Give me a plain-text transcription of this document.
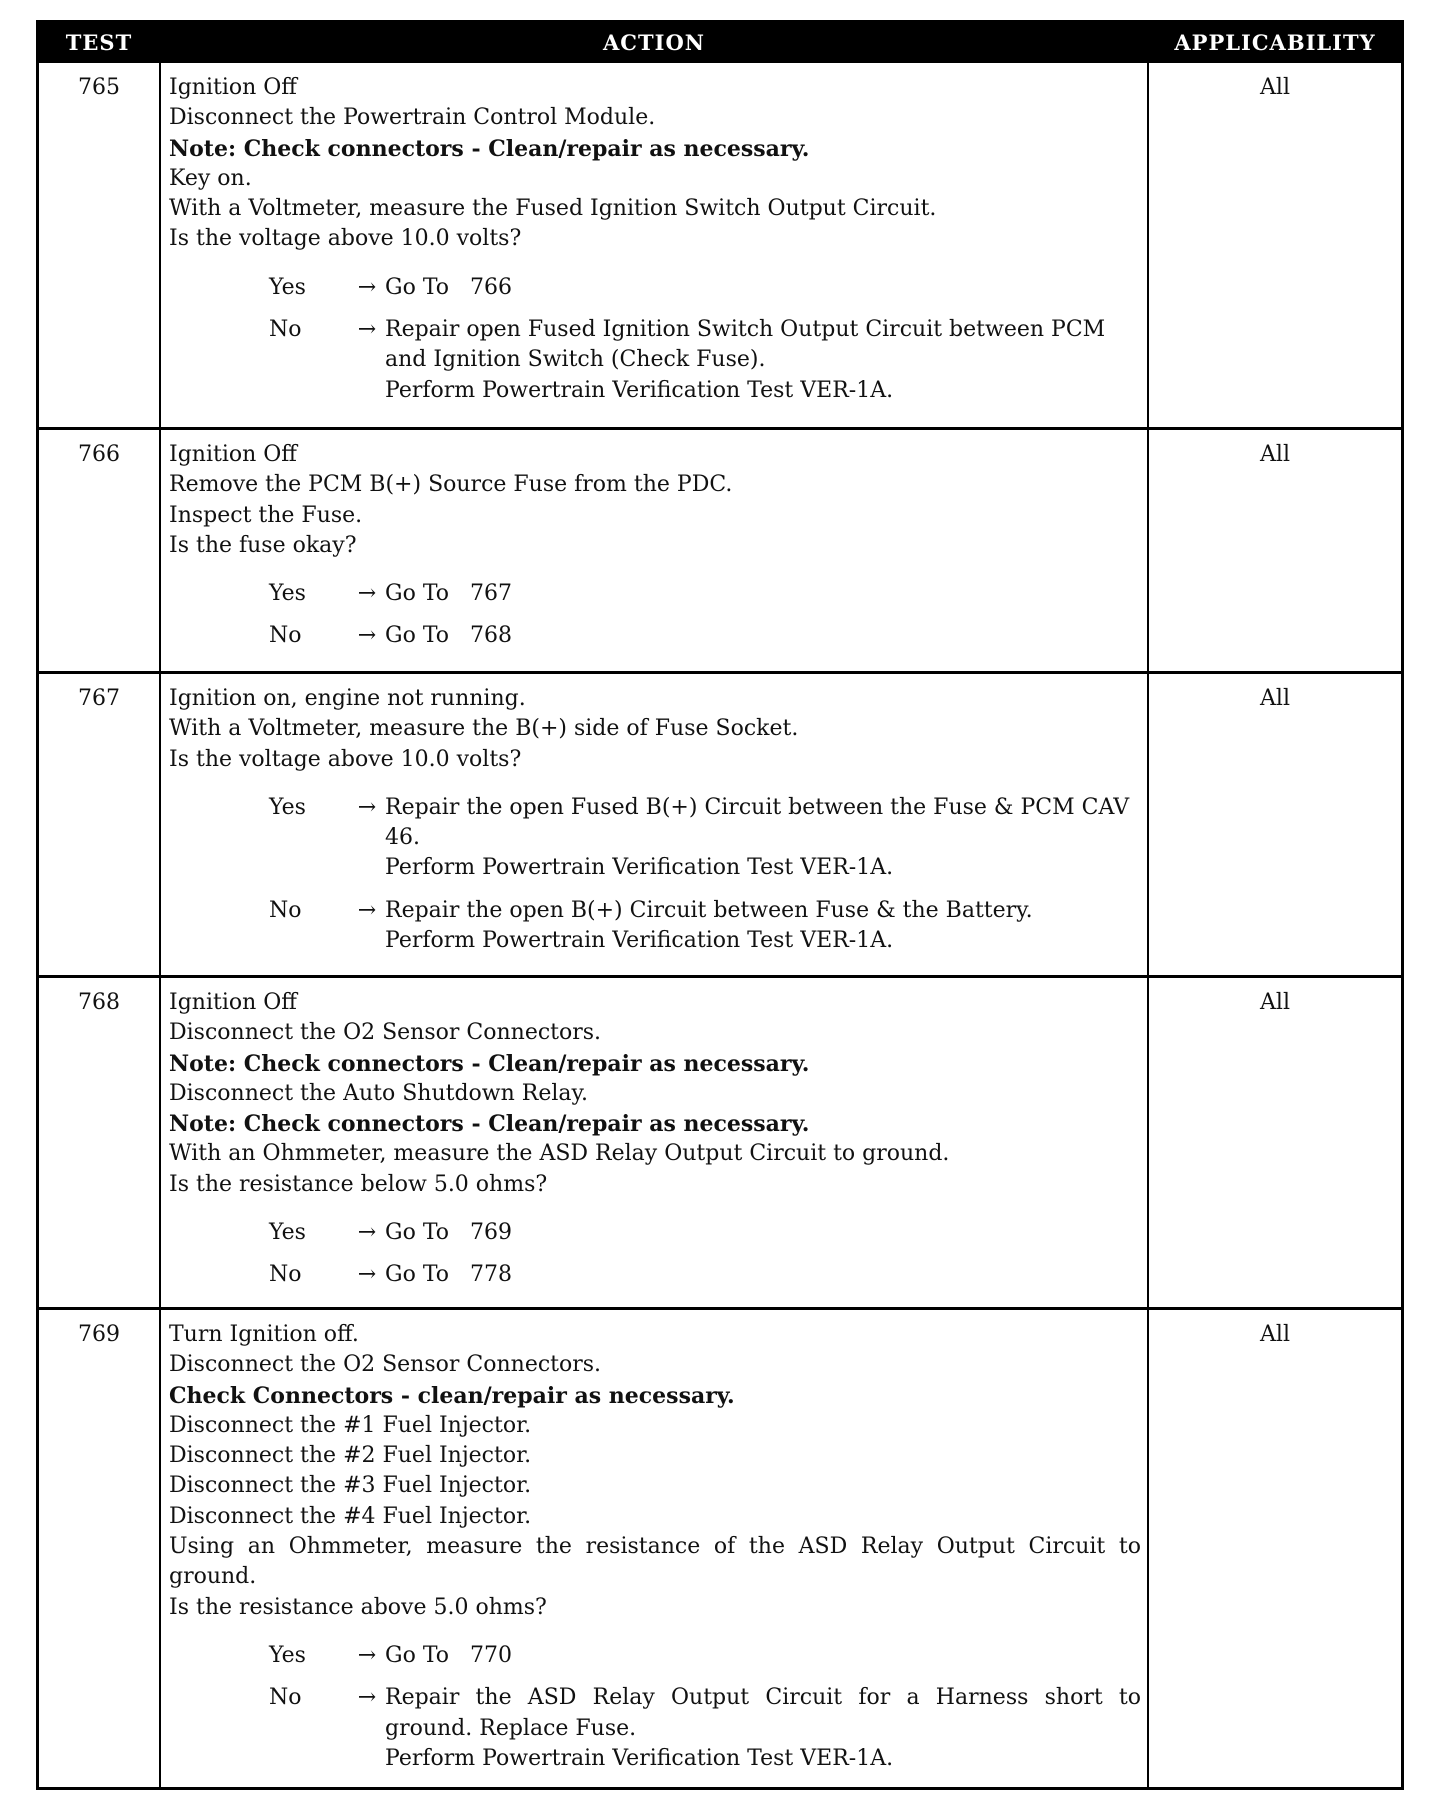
TEST	ACTION	APPLICABILITY
765	Ignition Off
Disconnect the Powertrain Control Module.
Note: Check connectors - Clean/repair as necessary.
Key on.
With a Voltmeter, measure the Fused Ignition Switch Output Circuit.
Is the voltage above 10.0 volts?
Yes	→ Go To   766
No	→ Repair open Fused Ignition Switch Output Circuit between PCM and Ignition Switch (Check Fuse).
Perform Powertrain Verification Test VER-1A.
All
766	Ignition Off
Remove the PCM B(+) Source Fuse from the PDC.
Inspect the Fuse.
Is the fuse okay?
Yes	→ Go To   767
No	→ Go To   768
All
767	Ignition on, engine not running.
With a Voltmeter, measure the B(+) side of Fuse Socket.
Is the voltage above 10.0 volts?
Yes	→ Repair the open Fused B(+) Circuit between the Fuse & PCM CAV 46.
Perform Powertrain Verification Test VER-1A.
No	→ Repair the open B(+) Circuit between Fuse & the Battery.
Perform Powertrain Verification Test VER-1A.
All
768	Ignition Off
Disconnect the O2 Sensor Connectors.
Note: Check connectors - Clean/repair as necessary.
Disconnect the Auto Shutdown Relay.
Note: Check connectors - Clean/repair as necessary.
With an Ohmmeter, measure the ASD Relay Output Circuit to ground.
Is the resistance below 5.0 ohms?
Yes	→ Go To   769
No	→ Go To   778
All
769	Turn Ignition off.
Disconnect the O2 Sensor Connectors.
Check Connectors - clean/repair as necessary.
Disconnect the #1 Fuel Injector.
Disconnect the #2 Fuel Injector.
Disconnect the #3 Fuel Injector.
Disconnect the #4 Fuel Injector.
Using an Ohmmeter, measure the resistance of the ASD Relay Output Circuit to ground.
Is the resistance above 5.0 ohms?
Yes	→ Go To   770
No	→ Repair the ASD Relay Output Circuit for a Harness short to ground. Replace Fuse.
Perform Powertrain Verification Test VER-1A.
All
